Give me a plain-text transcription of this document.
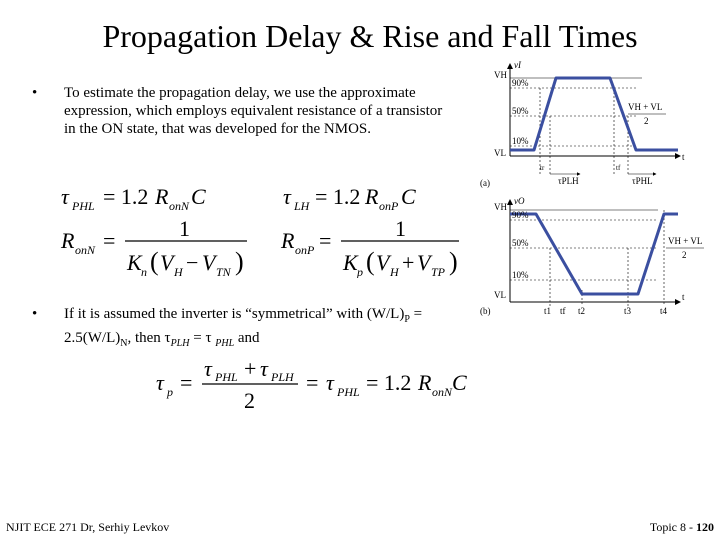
Propagation Delay & Rise and Fall Times
• To estimate the propagation delay, we use the approximate expression, which employs equivalent resistance of a transistor in the ON state, that was developed for the NMOS.
τ PHL = 1.2 R onN C	τ LH = 1.2 R onP C
R onN =	1
K n ( V H − V TN )
R onP =	1
K p ( V H + V TP )
• If it is assumed the inverter is “symmetrical” with $(W/L)_P = 2.5(W/L)_N$, then $\tau_{PLH} = \tau$ $_{PHL}$ and
τ p =
τ PHL + τ PLH
2
= τ PHL = 1.2 R onN C
VH
vI
90%
50%
10%
VL
VH + VL
2
t
tr	tf
τPLH	τPHL
(a)
VH
vO
90%
50%
10%
VL
VH + VL
2
t
t1 tf t2	t3	t4
(b)
NJIT ECE 271 Dr, Serhiy Levkov	Topic 8 - 120
